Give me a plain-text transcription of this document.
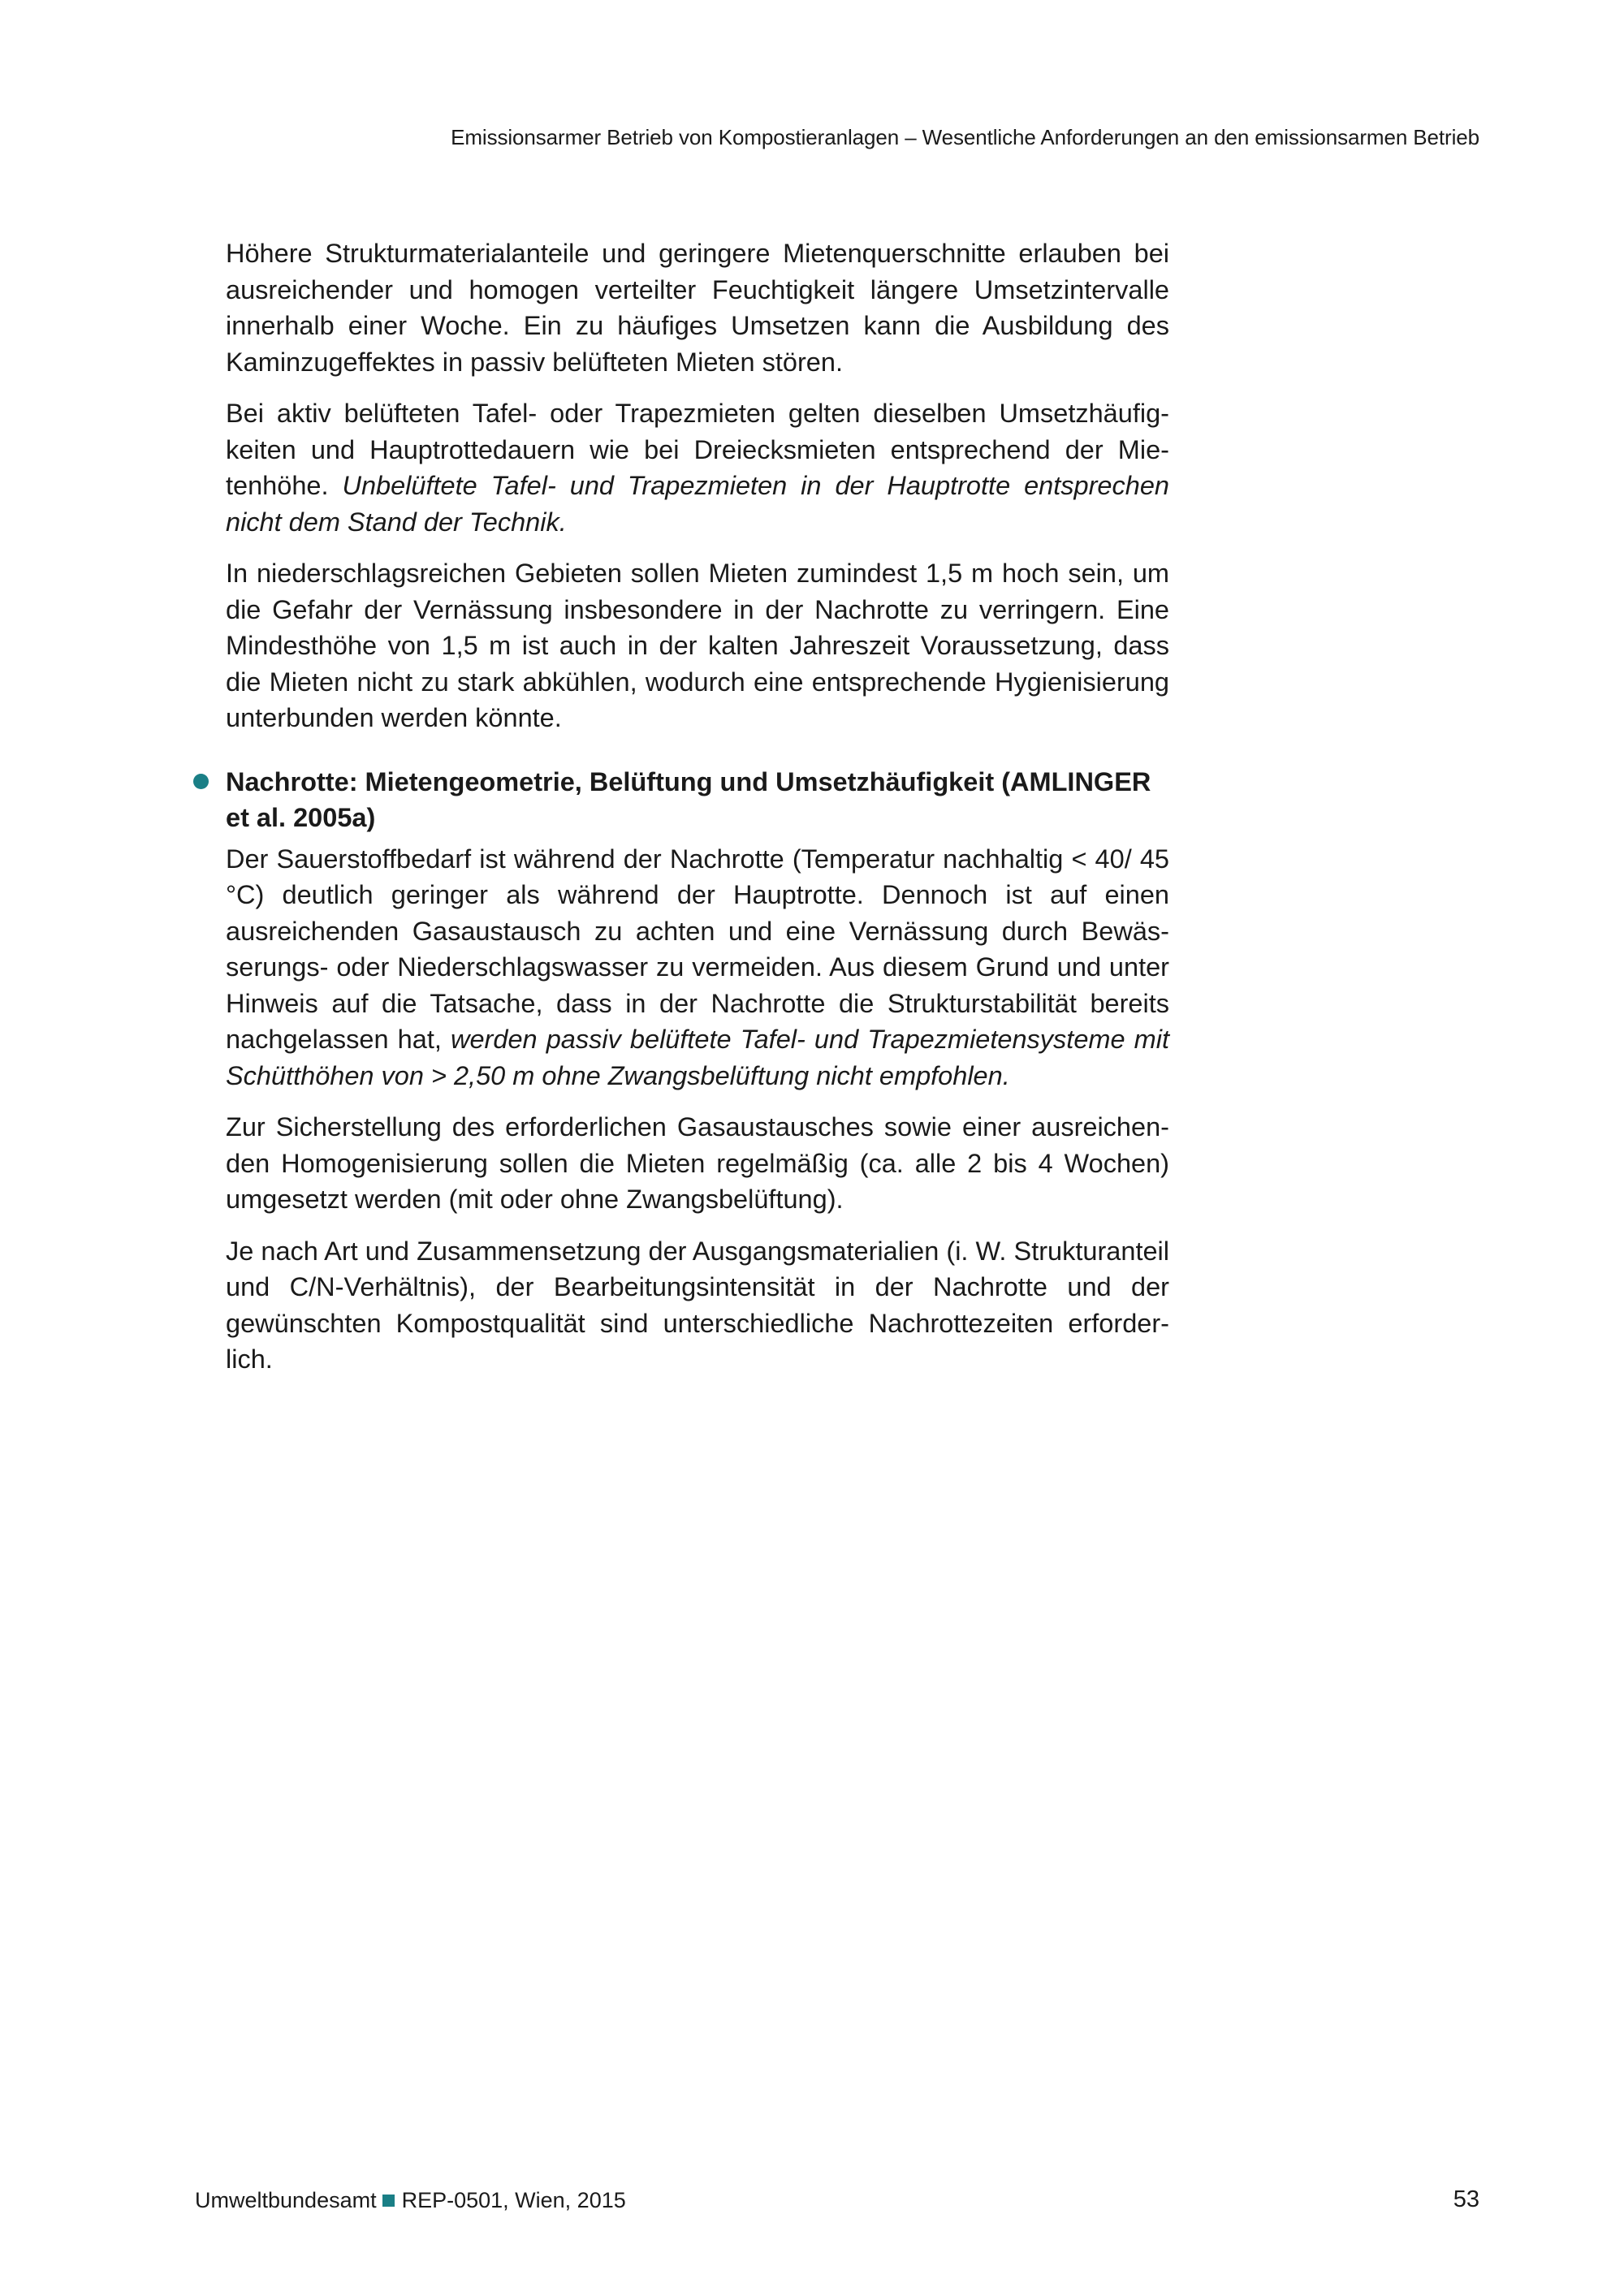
Emissionsarmer Betrieb von Kompostieranlagen – Wesentliche Anforderungen an den emissionsarmen Betrieb

Höhere Strukturmaterialanteile und geringere Mietenquerschnitte erlauben bei ausreichender und homogen verteilter Feuchtigkeit längere Umsetzintervalle innerhalb einer Woche. Ein zu häufiges Umsetzen kann die Ausbildung des Kaminzugeffektes in passiv belüfteten Mieten stören.

Bei aktiv belüfteten Tafel- oder Trapezmieten gelten dieselben Umsetzhäufigkeiten und Hauptrottedauern wie bei Dreiecksmieten entsprechend der Mietenhöhe. Unbelüftete Tafel- und Trapezmieten in der Hauptrotte entsprechen nicht dem Stand der Technik.

In niederschlagsreichen Gebieten sollen Mieten zumindest 1,5 m hoch sein, um die Gefahr der Vernässung insbesondere in der Nachrotte zu verringern. Eine Mindesthöhe von 1,5 m ist auch in der kalten Jahreszeit Voraussetzung, dass die Mieten nicht zu stark abkühlen, wodurch eine entsprechende Hygienisierung unterbunden werden könnte.

Nachrotte: Mietengeometrie, Belüftung und Umsetzhäufigkeit (AMLINGER et al. 2005a)

Der Sauerstoffbedarf ist während der Nachrotte (Temperatur nachhaltig < 40/ 45 °C) deutlich geringer als während der Hauptrotte. Dennoch ist auf einen ausreichenden Gasaustausch zu achten und eine Vernässung durch Bewässerungs- oder Niederschlagswasser zu vermeiden. Aus diesem Grund und unter Hinweis auf die Tatsache, dass in der Nachrotte die Strukturstabilität bereits nachgelassen hat, werden passiv belüftete Tafel- und Trapezmietensysteme mit Schütthöhen von > 2,50 m ohne Zwangsbelüftung nicht empfohlen.

Zur Sicherstellung des erforderlichen Gasaustausches sowie einer ausreichenden Homogenisierung sollen die Mieten regelmäßig (ca. alle 2 bis 4 Wochen) umgesetzt werden (mit oder ohne Zwangsbelüftung).

Je nach Art und Zusammensetzung der Ausgangsmaterialien (i. W. Strukturanteil und C/N-Verhältnis), der Bearbeitungsintensität in der Nachrotte und der gewünschten Kompostqualität sind unterschiedliche Nachrottezeiten erforderlich.

Umweltbundesamt REP-0501, Wien, 2015	53
